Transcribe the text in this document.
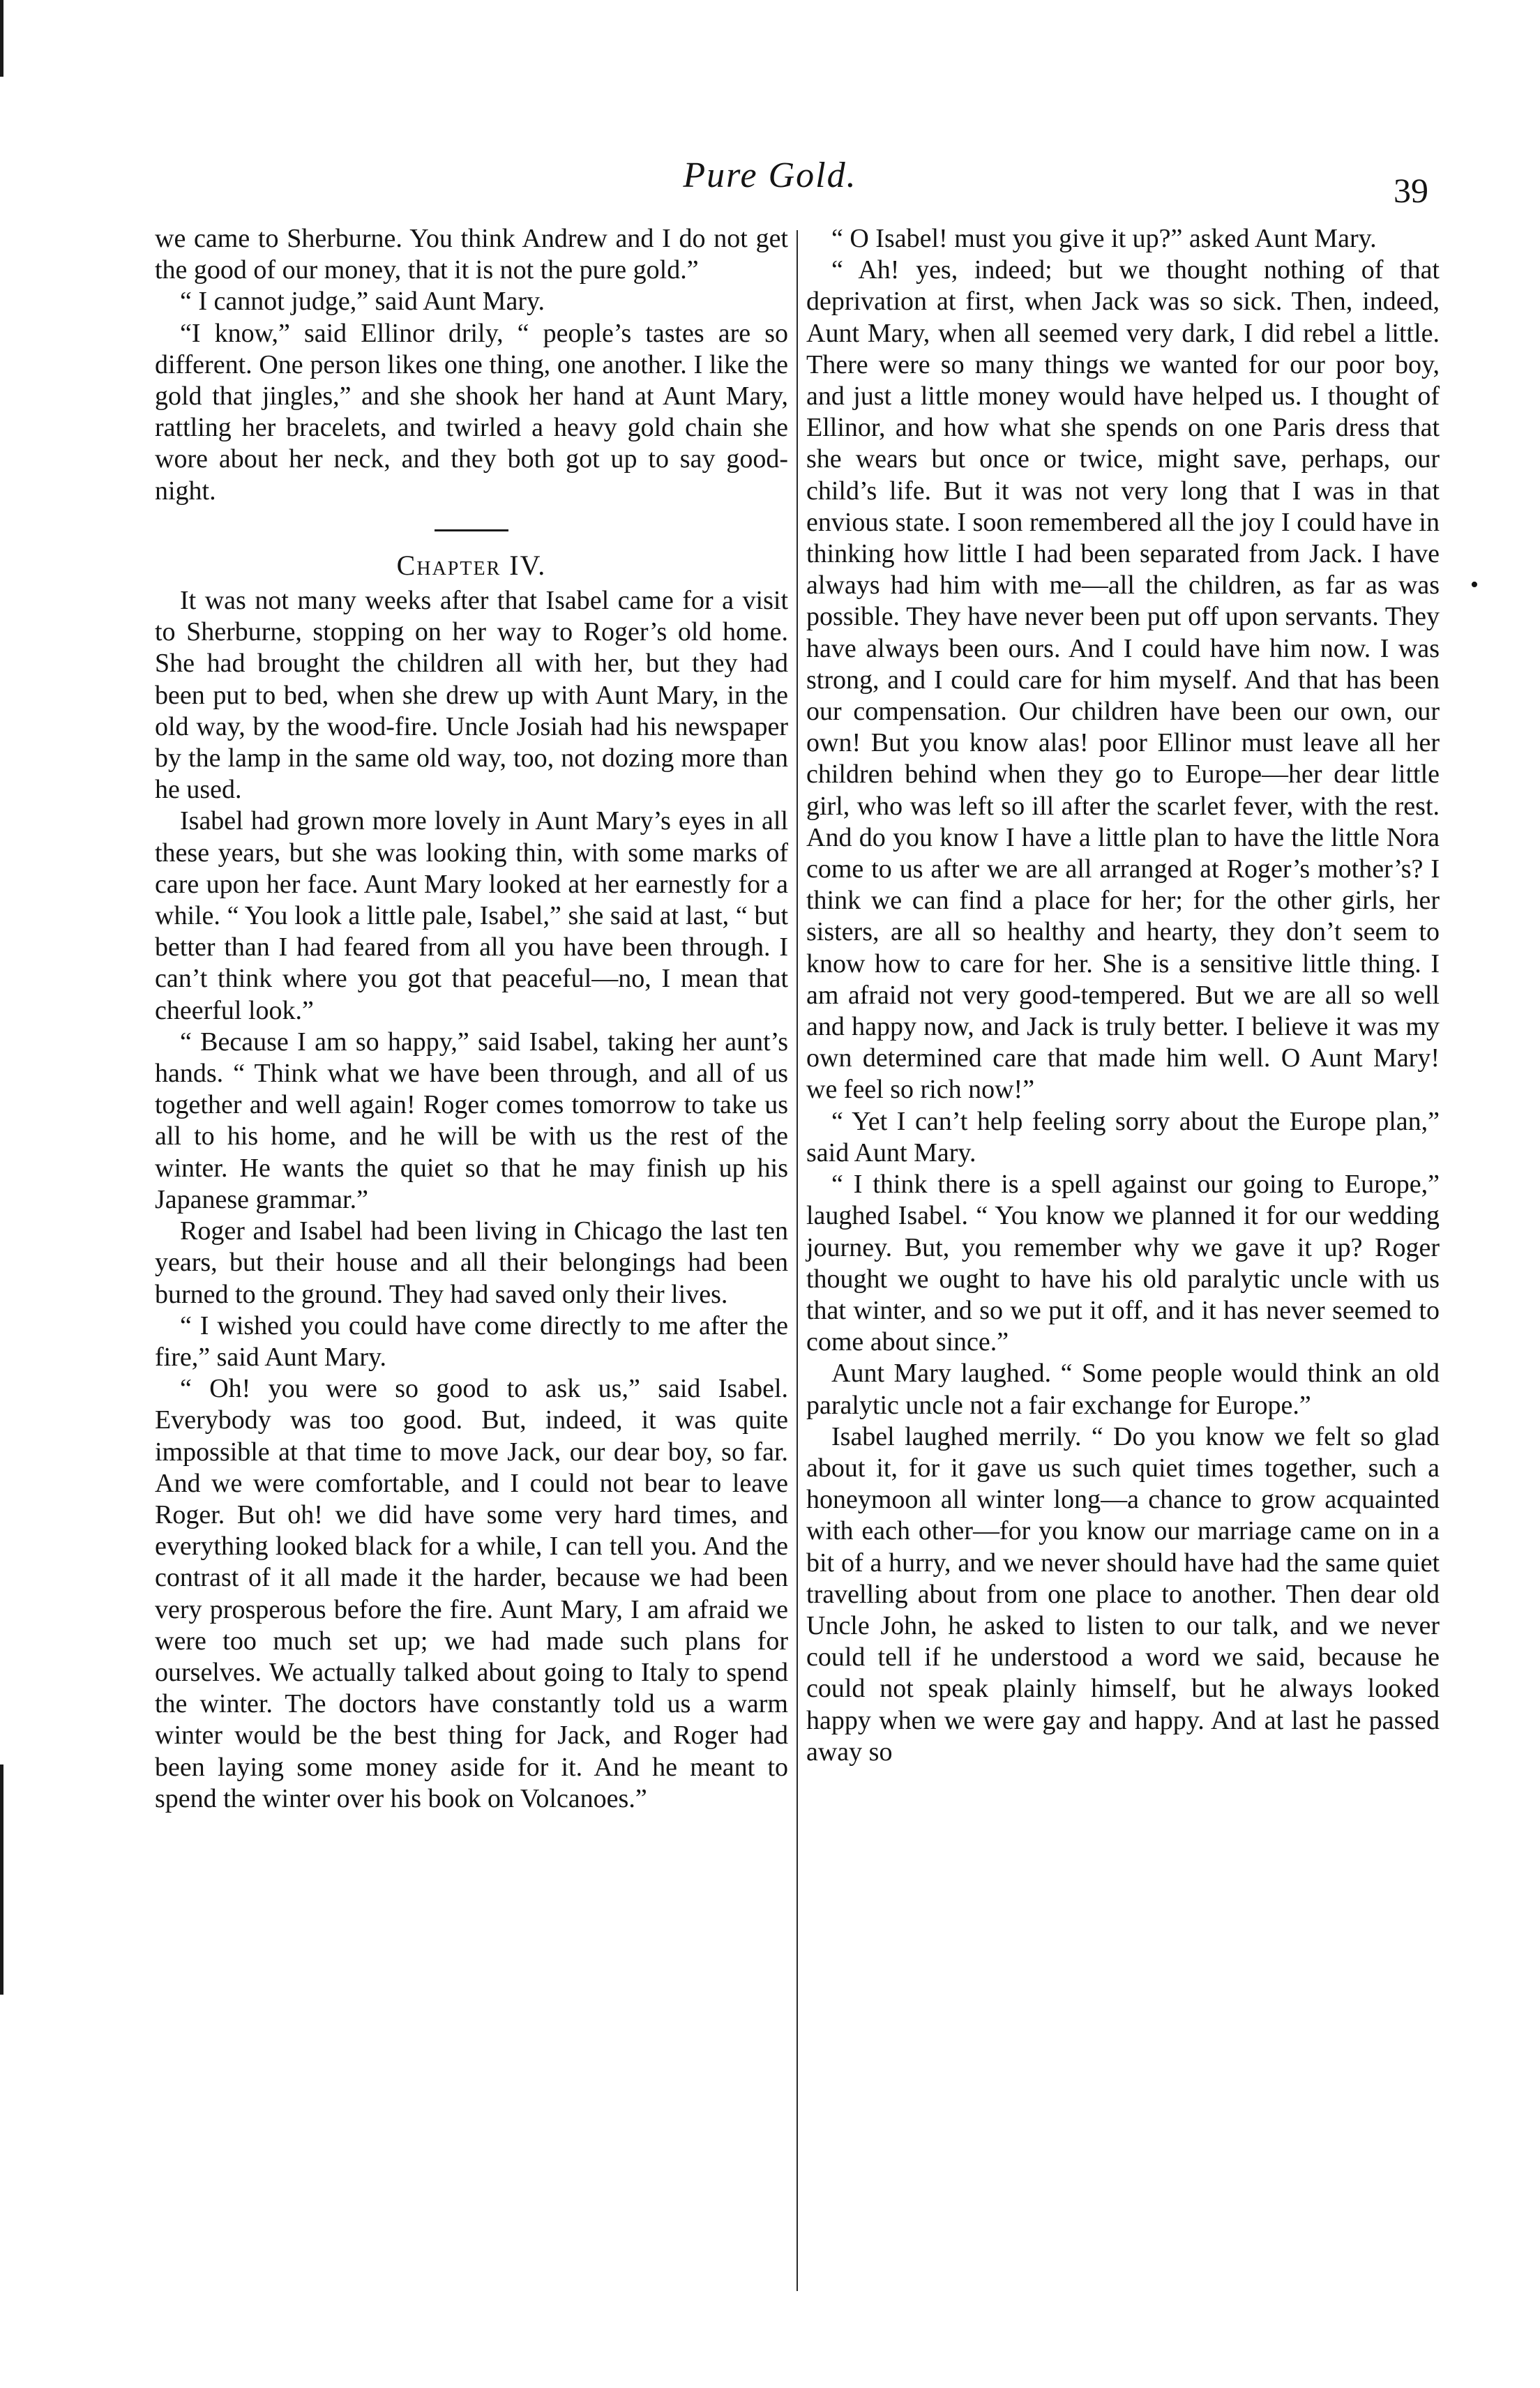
Pure Gold.	39

we came to Sherburne. You think Andrew and I do not get the good of our money, that it is not the pure gold.”

“ I cannot judge,” said Aunt Mary.

“I know,” said Ellinor drily, “ people’s tastes are so different. One person likes one thing, one another. I like the gold that jingles,” and she shook her hand at Aunt Mary, rattling her bracelets, and twirled a heavy gold chain she wore about her neck, and they both got up to say good-night.

Chapter IV.

It was not many weeks after that Isabel came for a visit to Sherburne, stopping on her way to Roger’s old home. She had brought the children all with her, but they had been put to bed, when she drew up with Aunt Mary, in the old way, by the wood-fire. Uncle Josiah had his newspaper by the lamp in the same old way, too, not dozing more than he used.

Isabel had grown more lovely in Aunt Mary’s eyes in all these years, but she was looking thin, with some marks of care upon her face. Aunt Mary looked at her earnestly for a while. “ You look a little pale, Isabel,” she said at last, “ but better than I had feared from all you have been through. I can’t think where you got that peaceful—no, I mean that cheerful look.”

“ Because I am so happy,” said Isabel, taking her aunt’s hands. “ Think what we have been through, and all of us together and well again! Roger comes tomorrow to take us all to his home, and he will be with us the rest of the winter. He wants the quiet so that he may finish up his Japanese grammar.”

Roger and Isabel had been living in Chicago the last ten years, but their house and all their belongings had been burned to the ground. They had saved only their lives.

“ I wished you could have come directly to me after the fire,” said Aunt Mary.

“ Oh! you were so good to ask us,” said Isabel. Everybody was too good. But, indeed, it was quite impossible at that time to move Jack, our dear boy, so far. And we were comfortable, and I could not bear to leave Roger. But oh! we did have some very hard times, and everything looked black for a while, I can tell you. And the contrast of it all made it the harder, because we had been very prosperous before the fire. Aunt Mary, I am afraid we were too much set up; we had made such plans for ourselves. We actually talked about going to Italy to spend the winter. The doctors have constantly told us a warm winter would be the best thing for Jack, and Roger had been laying some money aside for it. And he meant to spend the winter over his book on Volcanoes.”

“ O Isabel! must you give it up?” asked Aunt Mary.

“ Ah! yes, indeed; but we thought nothing of that deprivation at first, when Jack was so sick. Then, indeed, Aunt Mary, when all seemed very dark, I did rebel a little. There were so many things we wanted for our poor boy, and just a little money would have helped us. I thought of Ellinor, and how what she spends on one Paris dress that she wears but once or twice, might save, perhaps, our child’s life. But it was not very long that I was in that envious state. I soon remembered all the joy I could have in thinking how little I had been separated from Jack. I have always had him with me—all the children, as far as was possible. They have never been put off upon servants. They have always been ours. And I could have him now. I was strong, and I could care for him myself. And that has been our compensation. Our children have been our own, our own! But you know alas! poor Ellinor must leave all her children behind when they go to Europe—her dear little girl, who was left so ill after the scarlet fever, with the rest. And do you know I have a little plan to have the little Nora come to us after we are all arranged at Roger’s mother’s? I think we can find a place for her; for the other girls, her sisters, are all so healthy and hearty, they don’t seem to know how to care for her. She is a sensitive little thing. I am afraid not very good-tempered. But we are all so well and happy now, and Jack is truly better. I believe it was my own determined care that made him well. O Aunt Mary! we feel so rich now!”

“ Yet I can’t help feeling sorry about the Europe plan,” said Aunt Mary.

“ I think there is a spell against our going to Europe,” laughed Isabel. “ You know we planned it for our wedding journey. But, you remember why we gave it up? Roger thought we ought to have his old paralytic uncle with us that winter, and so we put it off, and it has never seemed to come about since.”

Aunt Mary laughed. “ Some people would think an old paralytic uncle not a fair exchange for Europe.”

Isabel laughed merrily. “ Do you know we felt so glad about it, for it gave us such quiet times together, such a honeymoon all winter long—a chance to grow acquainted with each other—for you know our marriage came on in a bit of a hurry, and we never should have had the same quiet travelling about from one place to another. Then dear old Uncle John, he asked to listen to our talk, and we never could tell if he understood a word we said, because he could not speak plainly himself, but he always looked happy when we were gay and happy. And at last he passed away so

•
